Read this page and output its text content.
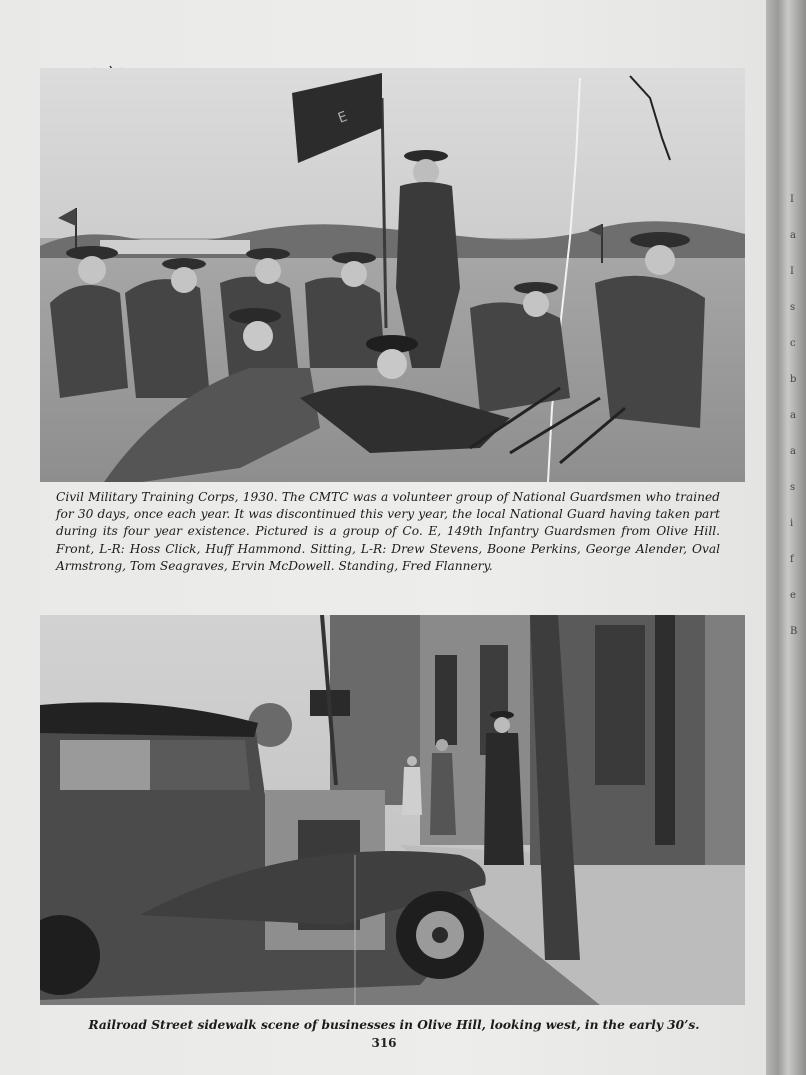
I
a
I
s
c
b
a
a
s
i
f
e
B
E
Civil Military Training Corps, 1930. The CMTC was a volunteer group of National Guardsmen who trained for 30 days, once each year. It was discontinued this very year, the local National Guard having taken part during its four year existence. Pictured is a group of Co. E, 149th Infantry Guardsmen from Olive Hill. Front, L-R: Hoss Click, Huff Hammond. Sitting, L-R: Drew Stevens, Boone Perkins, George Alender, Oval Armstrong, Tom Seagraves, Ervin McDowell. Standing, Fred Flannery.
Railroad Street sidewalk scene of businesses in Olive Hill, looking west, in the early 30’s.
316
